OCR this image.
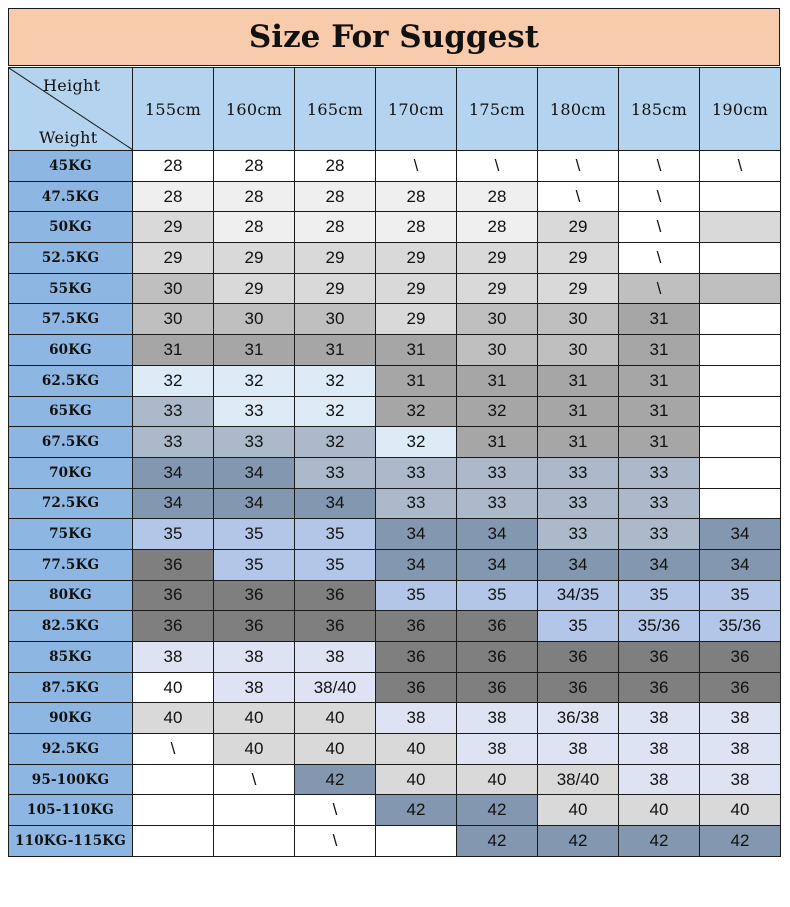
Size For Suggest
Height
Weight	155cm	160cm	165cm	170cm	175cm	180cm	185cm	190cm
45KG	28	28	28	\	\	\	\	\
47.5KG	28	28	28	28	28	\	\	
50KG	29	28	28	28	28	29	\	
52.5KG	29	29	29	29	29	29	\	
55KG	30	29	29	29	29	29	\	
57.5KG	30	30	30	29	30	30	31	
60KG	31	31	31	31	30	30	31	
62.5KG	32	32	32	31	31	31	31	
65KG	33	33	32	32	32	31	31	
67.5KG	33	33	32	32	31	31	31	
70KG	34	34	33	33	33	33	33	
72.5KG	34	34	34	33	33	33	33	
75KG	35	35	35	34	34	33	33	34
77.5KG	36	35	35	34	34	34	34	34
80KG	36	36	36	35	35	34/35	35	35
82.5KG	36	36	36	36	36	35	35/36	35/36
85KG	38	38	38	36	36	36	36	36
87.5KG	40	38	38/40	36	36	36	36	36
90KG	40	40	40	38	38	36/38	38	38
92.5KG	\	40	40	40	38	38	38	38
95-100KG		\	42	40	40	38/40	38	38
105-110KG			\	42	42	40	40	40
110KG-115KG			\		42	42	42	42
